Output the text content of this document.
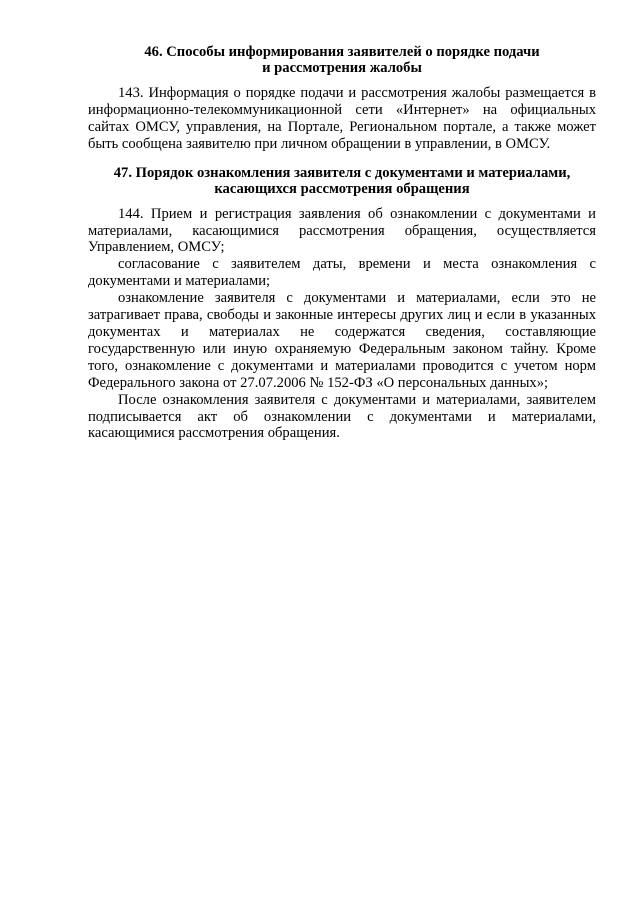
46. Способы информирования заявителей о порядке подачи
и рассмотрения жалобы

143. Информация о порядке подачи и рассмотрения жалобы размещается в информационно-телекоммуникационной сети «Интернет» на официальных сайтах ОМСУ, управления, на Портале, Региональном портале, а также может быть сообщена заявителю при личном обращении в управлении, в ОМСУ.

47. Порядок ознакомления заявителя с документами и материалами,
касающихся рассмотрения обращения

144. Прием и регистрация заявления об ознакомлении с документами и материалами, касающимися рассмотрения обращения, осуществляется Управлением, ОМСУ;

согласование с заявителем даты, времени и места ознакомления с документами и материалами;

ознакомление заявителя с документами и материалами, если это не затрагивает права, свободы и законные интересы других лиц и если в указанных документах и материалах не содержатся сведения, составляющие государственную или иную охраняемую Федеральным законом тайну. Кроме того, ознакомление с документами и материалами проводится с учетом норм Федерального закона от 27.07.2006 № 152-ФЗ «О персональных данных»;

После ознакомления заявителя с документами и материалами, заявителем подписывается акт об ознакомлении с документами и материалами, касающимися рассмотрения обращения.
